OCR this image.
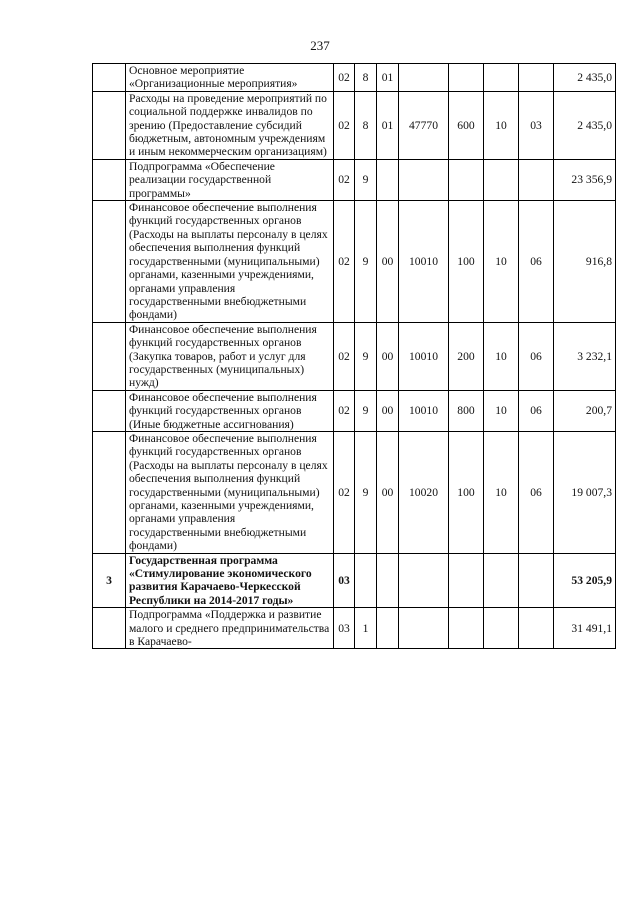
237
	Основное мероприятие «Организационные мероприятия»	02	8	01					2 435,0
	Расходы на проведение мероприятий по социальной поддержке инвалидов по зрению (Предоставление субсидий бюджетным, автономным учреждениям и иным некоммерческим организациям)	02	8	01	47770	600	10	03	2 435,0
	Подпрограмма «Обеспечение реализации государственной программы»	02	9						23 356,9
	Финансовое обеспечение выполнения функций государственных органов (Расходы на выплаты персоналу в целях обеспечения выполнения функций государственными (муниципальными) органами, казенными учреждениями, органами управления государственными внебюджетными фондами)	02	9	00	10010	100	10	06	916,8
	Финансовое обеспечение выполнения функций государственных органов (Закупка товаров, работ и услуг для государственных (муниципальных) нужд)	02	9	00	10010	200	10	06	3 232,1
	Финансовое обеспечение выполнения функций государственных органов (Иные бюджетные ассигнования)	02	9	00	10010	800	10	06	200,7
	Финансовое обеспечение выполнения функций государственных органов (Расходы на выплаты персоналу в целях обеспечения выполнения функций государственными (муниципальными) органами, казенными учреждениями, органами управления государственными внебюджетными фондами)	02	9	00	10020	100	10	06	19 007,3
3	Государственная программа «Стимулирование экономического развития Карачаево-Черкесской Республики на 2014-2017 годы»	03							53 205,9
	Подпрограмма «Поддержка и развитие малого и среднего предпринимательства в Карачаево-	03	1						31 491,1
